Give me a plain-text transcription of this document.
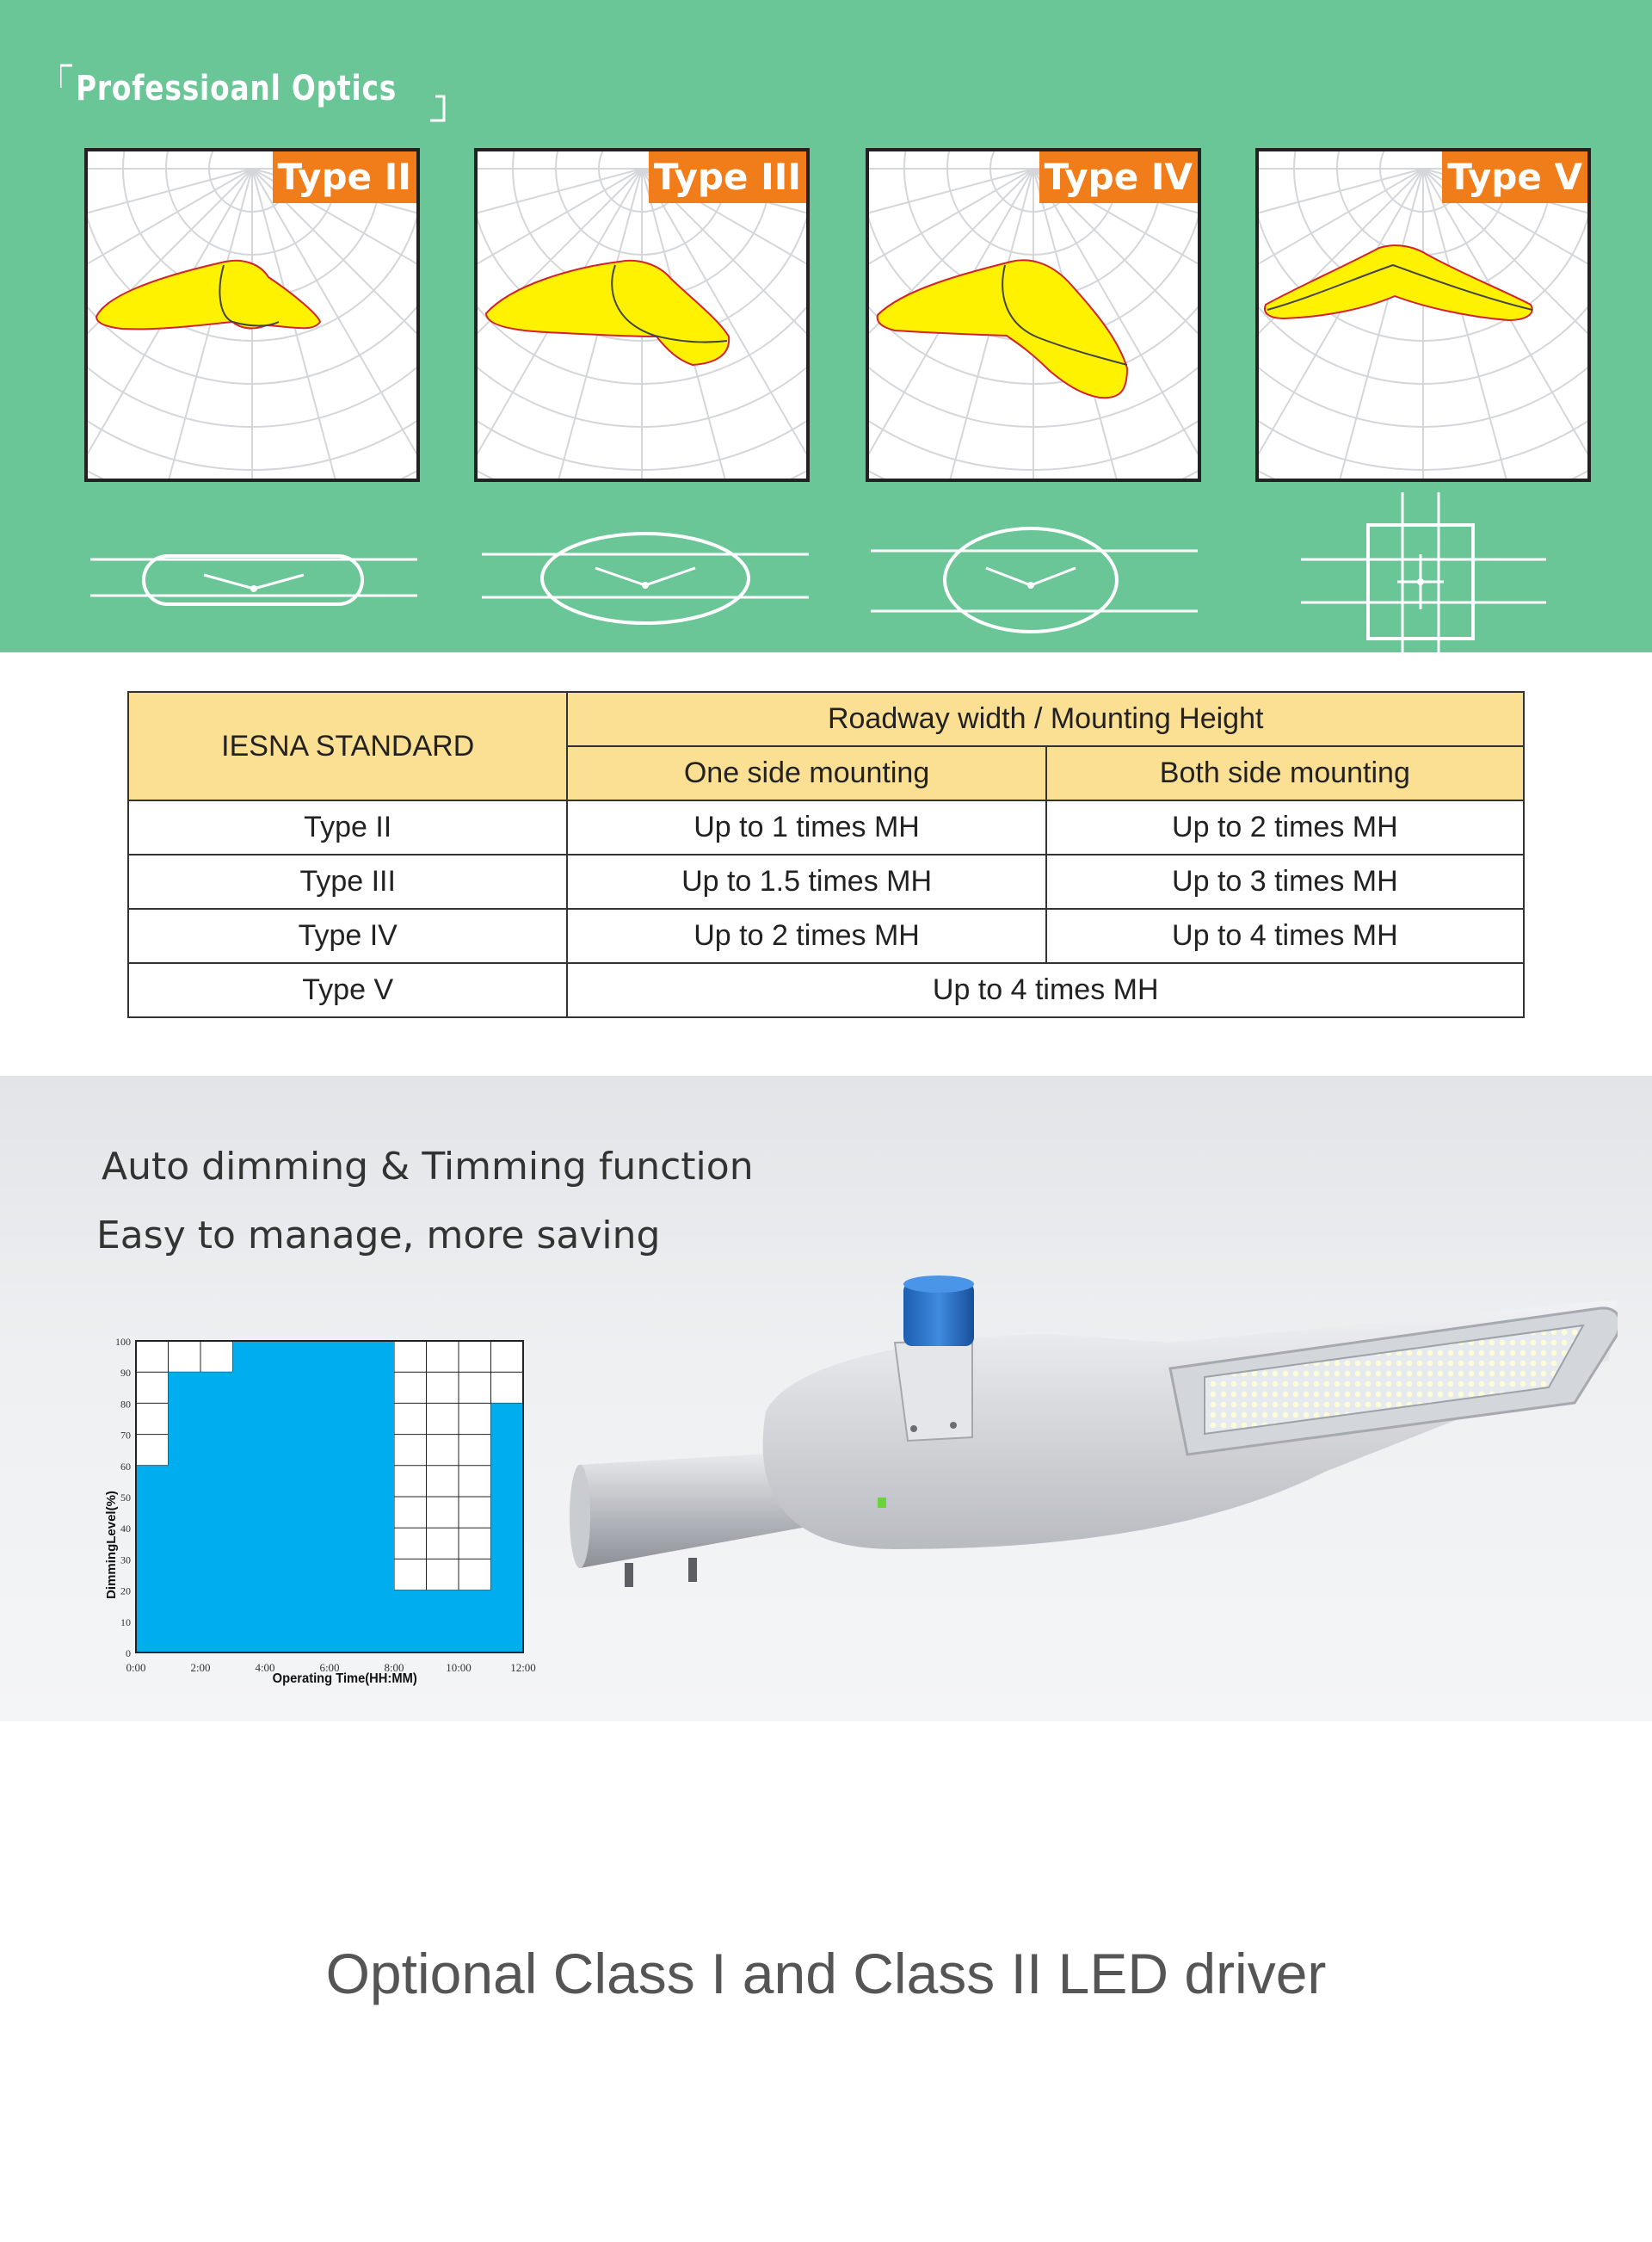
Professioanl Optics
Type II	Type III	Type IV	Type V
IESNA STANDARD	Roadway width / Mounting Height	
	One side mounting	Both side mounting
Type II	Up to 1 times MH	Up to 2 times MH
Type III	Up to 1.5 times MH	Up to 3 times MH
Type IV	Up to 2 times MH	Up to 4 times MH
Type V	Up to 4 times MH	
Auto dimming & Timming function
Easy to manage, more saving
0
10
20
30
40
50
60
70
80
90
100
0:00	2:00	4:00	6:00	8:00	10:00	12:00
Operating Time(HH:MM)
DimmingLevel(%)
Optional Class I and Class II LED driver
